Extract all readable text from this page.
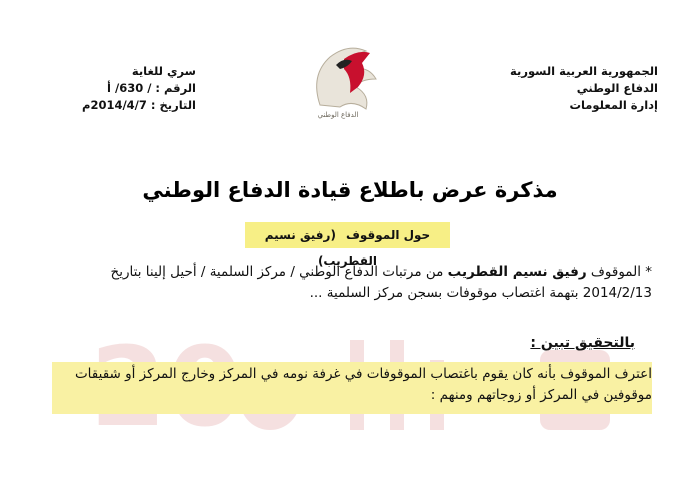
الجمهورية العربية السورية
الدفاع الوطني
إدارة المعلومات
الدفاع الوطني
سري للغاية
الرقم : / 630/ أ
التاريخ : 2014/4/7م
مذكرة عرض باطلاع قيادة الدفاع الوطني
حول الموقوف(رفيق نسيم القطريب)
* الموقوف رفيق نسيم القطريب من مرتبات الدفاع الوطني / مركز السلمية / أحيل إلينا بتاريخ 2014/2/13 بتهمة اغتصاب موقوفات بسجن مركز السلمية ...
بالتحقيق تبين :
اعترف الموقوف بأنه كان يقوم باغتصاب الموقوفات في غرفة نومه في المركز وخارج المركز أو شقيقات موقوفين في المركز أو زوجاتهم ومنهم :
